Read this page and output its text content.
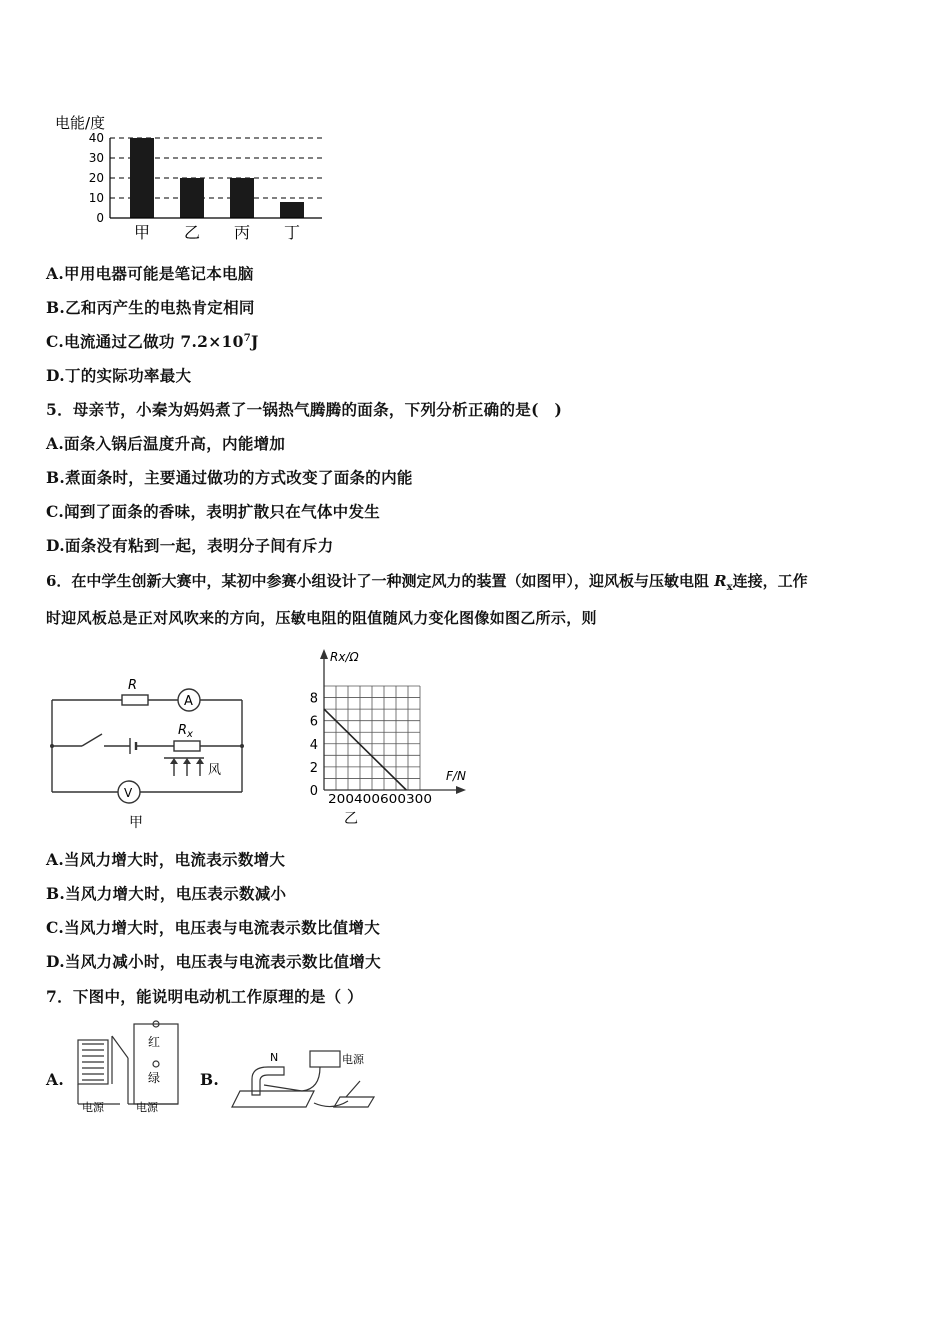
电能/度
0
10
20
30
40
甲 乙 丙 丁
A.甲用电器可能是笔记本电脑
B.乙和丙产生的电热肯定相同
C.电流通过乙做功 $7.2\times 10^7J$
D.丁的实际功率最大
5．母亲节，小秦为妈妈煮了一锅热气腾腾的面条，下列分析正确的是(　)
A.面条入锅后温度升高，内能增加
B.煮面条时，主要通过做功的方式改变了面条的内能
C.闻到了面条的香味，表明扩散只在气体中发生
D.面条没有粘到一起，表明分子间有斥力
6．在中学生创新大赛中，某初中参赛小组设计了一种测定风力的装置（如图甲），迎风板与压敏电阻 $R_x$连接，工作
时迎风板总是正对风吹来的方向，压敏电阻的阻值随风力变化图像如图乙所示，则
R
A
$R_x$
风
V
甲
0
2
4
6
8
Rx/Ω
F/N
200400600300
乙
A.当风力增大时，电流表示数增大
B.当风力增大时，电压表示数减小
C.当风力增大时，电压表与电流表示数比值增大
D.当风力减小时，电压表与电流表示数比值增大
7．下图中，能说明电动机工作原理的是（ ）
A.
红
绿
电源	电源
B.
N	电源
